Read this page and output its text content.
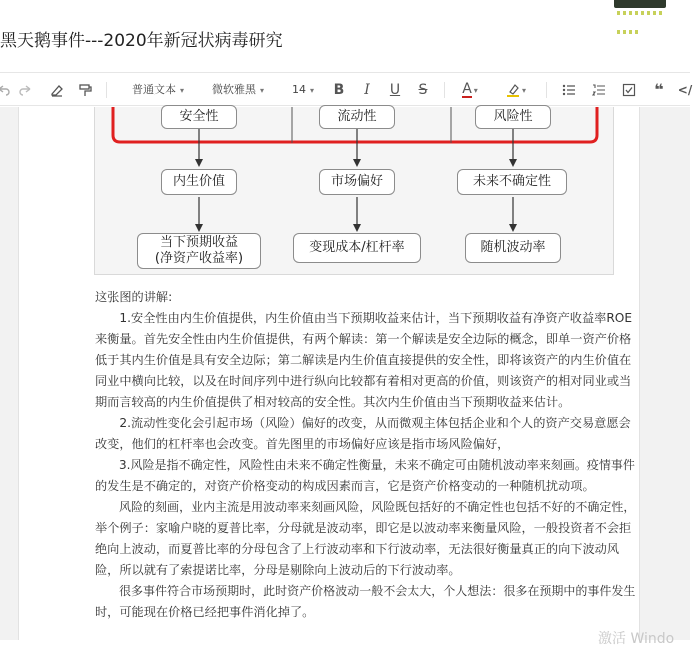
黑天鹅事件---2020年新冠状病毒研究
普通文本 ▾	微软雅黑 ▾	14 ▾	B	I	U	S	A ▾	▾	❝	</
安全性	流动性	风险性
内生价值	市场偏好	未来不确定性
当下预期收益
(净资产收益率)
变现成本/杠杆率	随机波动率
这张图的讲解:
　　1.安全性由内生价值提供，内生价值由当下预期收益来估计，当下预期收益有净资产收益率ROE
来衡量。首先安全性由内生价值提供，有两个解读：第一个解读是安全边际的概念，即单一资产价格
低于其内生价值是具有安全边际；第二解读是内生价值直接提供的安全性，即将该资产的内生价值在
同业中横向比较，以及在时间序列中进行纵向比较都有着相对更高的价值，则该资产的相对同业或当
期而言较高的内生价值提供了相对较高的安全性。其次内生价值由当下预期收益来估计。
　　2.流动性变化会引起市场（风险）偏好的改变，从而微观主体包括企业和个人的资产交易意愿会
改变，他们的杠杆率也会改变。首先图里的市场偏好应该是指市场风险偏好，
　　3.风险是指不确定性，风险性由未来不确定性衡量，未来不确定可由随机波动率来刻画。疫情事件
的发生是不确定的，对资产价格变动的构成因素而言，它是资产价格变动的一种随机扰动项。
　　风险的刻画，业内主流是用波动率来刻画风险，风险既包括好的不确定性也包括不好的不确定性，
举个例子：家喻户晓的夏普比率，分母就是波动率，即它是以波动率来衡量风险，一般投资者不会拒
绝向上波动，而夏普比率的分母包含了上行波动率和下行波动率，无法很好衡量真正的向下波动风
险，所以就有了索提诺比率，分母是剔除向上波动后的下行波动率。
　　很多事件符合市场预期时，此时资产价格波动一般不会太大，个人想法：很多在预期中的事件发生
时，可能现在价格已经把事件消化掉了。
激活 Windo
